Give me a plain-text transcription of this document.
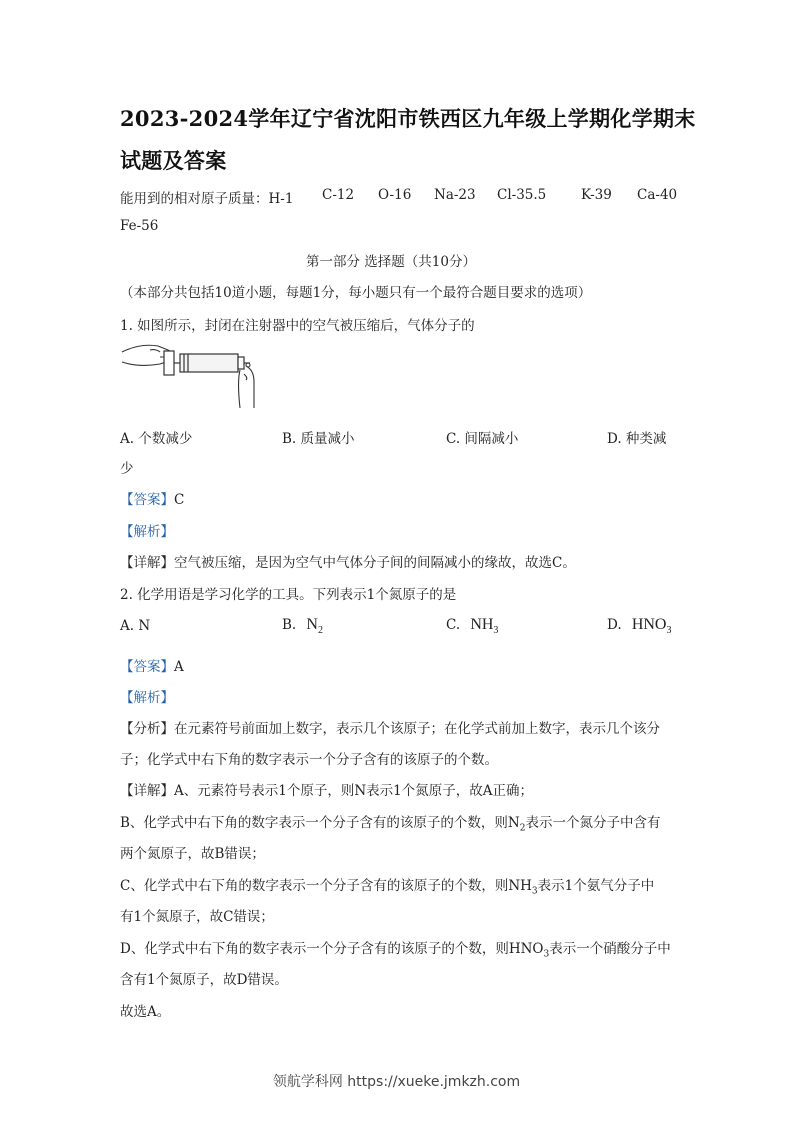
2023-2024学年辽宁省沈阳市铁西区九年级上学期化学期末
试题及答案
能用到的相对原子质量：H-1 C-12 O-16 Na-23 Cl-35.5	K-39 Ca-40
Fe-56
第一部分 选择题（共10分）
（本部分共包括10道小题，每题1分，每小题只有一个最符合题目要求的选项）
1. 如图所示，封闭在注射器中的空气被压缩后，气体分子的
A. 个数减少	B. 质量减小	C. 间隔减小	D. 种类减
少
【答案】C
【解析】
【详解】空气被压缩，是因为空气中气体分子间的间隔减小的缘故，故选C。
2. 化学用语是学习化学的工具。下列表示1个氮原子的是
A. N	B. $N_2$	C. $NH_3$	D. $HNO_3$
【答案】A
【解析】
【分析】在元素符号前面加上数字，表示几个该原子；在化学式前加上数字，表示几个该分
子；化学式中右下角的数字表示一个分子含有的该原子的个数。
【详解】A、元素符号表示1个原子，则N表示1个氮原子，故A正确；
B、化学式中右下角的数字表示一个分子含有的该原子的个数，则$N_2$表示一个氮分子中含有
两个氮原子，故B错误；
C、化学式中右下角的数字表示一个分子含有的该原子的个数，则$NH_3$表示1个氨气分子中
有1个氮原子，故C错误；
D、化学式中右下角的数字表示一个分子含有的该原子的个数，则$HNO_3$表示一个硝酸分子中
含有1个氮原子，故D错误。
故选A。
领航学科网 https://xueke.jmkzh.com
